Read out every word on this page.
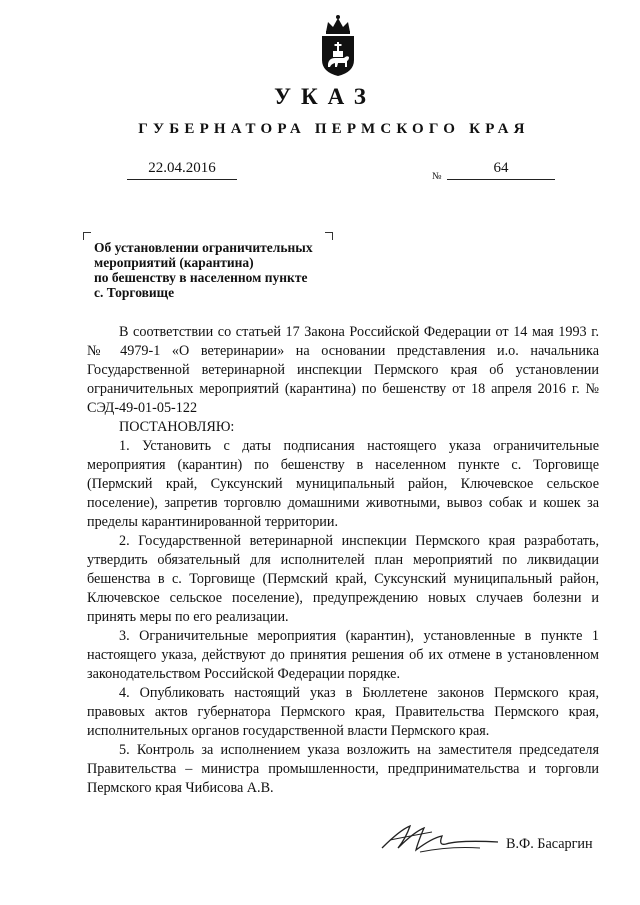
УКАЗ
ГУБЕРНАТОРА ПЕРМСКОГО КРАЯ
22.04.2016
№
64
Об установлении ограничительных
мероприятий (карантина)
по бешенству в населенном пункте
с. Торговище

В соответствии со статьей 17 Закона Российской Федерации от 14 мая 1993 г. № 4979-1 «О ветеринарии» на основании представления и.о. начальника Государственной ветеринарной инспекции Пермского края об установлении ограничительных мероприятий (карантина) по бешенству от 18 апреля 2016 г. № СЭД-49-01-05-122

ПОСТАНОВЛЯЮ:

1. Установить с даты подписания настоящего указа ограничительные мероприятия (карантин) по бешенству в населенном пункте с. Торговище (Пермский край, Суксунский муниципальный район, Ключевское сельское поселение), запретив торговлю домашними животными, вывоз собак и кошек за пределы карантинированной территории.

2. Государственной ветеринарной инспекции Пермского края разработать, утвердить обязательный для исполнителей план мероприятий по ликвидации бешенства в с. Торговище (Пермский край, Суксунский муниципальный район, Ключевское сельское поселение), предупреждению новых случаев болезни и принять меры по его реализации.

3. Ограничительные мероприятия (карантин), установленные в пункте 1 настоящего указа, действуют до принятия решения об их отмене в установленном законодательством Российской Федерации порядке.

4. Опубликовать настоящий указ в Бюллетене законов Пермского края, правовых актов губернатора Пермского края, Правительства Пермского края, исполнительных органов государственной власти Пермского края.

5. Контроль за исполнением указа возложить на заместителя председателя Правительства – министра промышленности, предпринимательства и торговли Пермского края Чибисова А.В.

В.Ф. Басаргин
